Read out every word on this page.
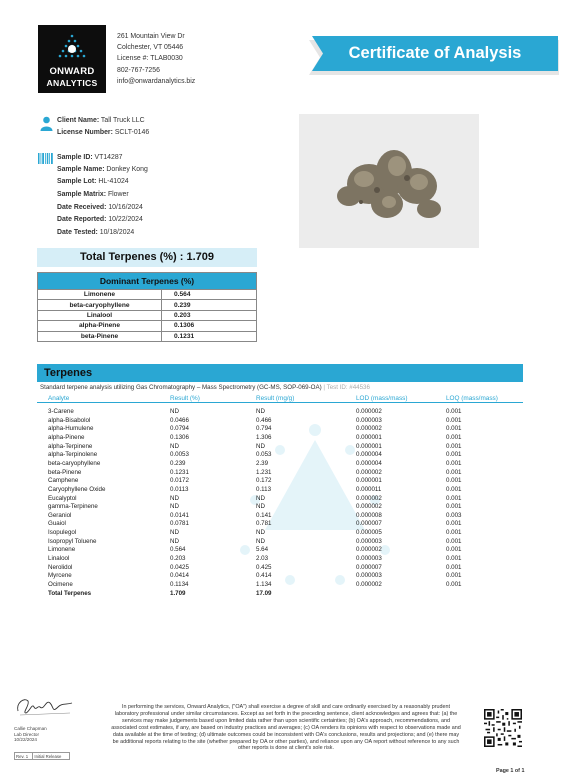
ONWARD
ANALYTICS
261 Mountain View Dr
Colchester, VT 05446
License #: TLAB0030
802-767-7256
info@onwardanalytics.biz
Certificate of Analysis
Client Name: Tall Truck LLC
License Number: SCLT-0146
Sample ID: VT14287
Sample Name: Donkey Kong
Sample Lot: HL-41024
Sample Matrix: Flower
Date Received: 10/16/2024
Date Reported: 10/22/2024
Date Tested: 10/18/2024
Total Terpenes (%) : 1.709
Dominant Terpenes (%)	
Limonene	0.564
beta-caryophyllene	0.239
Linalool	0.203
alpha-Pinene	0.1306
beta-Pinene	0.1231
Terpenes
Standard terpene analysis utilizing Gas Chromatography – Mass Spectrometry (GC-MS, SOP-069-OA) | Test ID: #44536
Analyte	Result (%)	Result (mg/g)	LOD (mass/mass)	LOQ (mass/mass)
3-Carene	ND	ND	0.000002	0.001
alpha-Bisabolol	0.0466	0.466	0.000003	0.001
alpha-Humulene	0.0794	0.794	0.000002	0.001
alpha-Pinene	0.1306	1.306	0.000001	0.001
alpha-Terpinene	ND	ND	0.000001	0.001
alpha-Terpinolene	0.0053	0.053	0.000004	0.001
beta-caryophyllene	0.239	2.39	0.000004	0.001
beta-Pinene	0.1231	1.231	0.000002	0.001
Camphene	0.0172	0.172	0.000001	0.001
Caryophyllene Oxide	0.0113	0.113	0.000011	0.001
Eucalyptol	ND	ND	0.000002	0.001
gamma-Terpinene	ND	ND	0.000002	0.001
Geraniol	0.0141	0.141	0.000008	0.003
Guaiol	0.0781	0.781	0.000007	0.001
Isopulegol	ND	ND	0.000005	0.001
Isopropyl Toluene	ND	ND	0.000003	0.001
Limonene	0.564	5.64	0.000002	0.001
Linalool	0.203	2.03	0.000003	0.001
Nerolidol	0.0425	0.425	0.000007	0.001
Myrcene	0.0414	0.414	0.000003	0.001
Ocimene	0.1134	1.134	0.000002	0.001
Total Terpenes	1.709	17.09
Callie Chapman
Lab Director
10/22/2024
Rev. 1	Initial Release
In performing the services, Onward Analytics, ("OA") shall exercise a degree of skill and care ordinarily exercised by a reasonably prudent laboratory professional under similar circumstances. Except as set forth in the preceding sentence, client acknowledges and agrees that: (a) the services may make judgements based upon limited data rather than upon scientific certainties; (b) OA's approach, recommendations, and associated cost estimates, if any, are based on industry practices and averages; (c) OA renders its opinions with respect to observations made and data available at the time of testing; (d) ultimate outcomes could be inconsistent with OA's conclusions, results and projections; and (e) there may be additional reports relating to the site (whether prepared by OA or other parties), and reliance upon any OA report without reference to any such other reports is done at client's sole risk.
Page 1 of 1
